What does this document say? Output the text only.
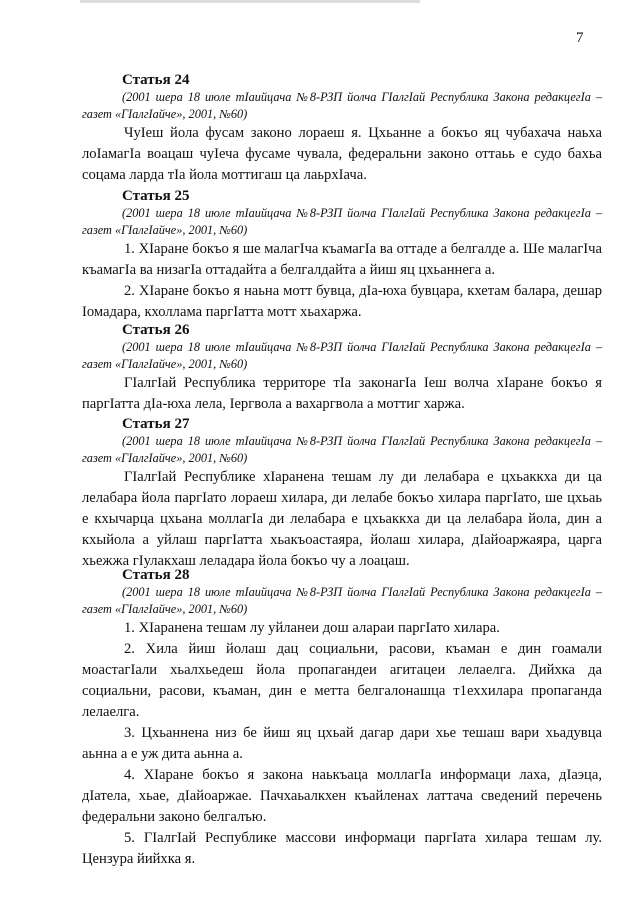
7
Статья 24

(2001 шера 18 июле тIаийцача №8-РЗП йолча ГIалгIай Республика Закона редакцегIа – газет «ГIалгIайче», 2001, №60)

ЧуIеш йола фусам законо лораеш я. Цхьанне а бокъо яц чубахача наьха лоIамагIа воацаш чуIеча фусаме чувала, федеральни законо оттаьь е судо бахьа соцама ларда тIа йола моттигаш ца лаьрхIача.

Статья 25

(2001 шера 18 июле тIаийцача №8-РЗП йолча ГIалгIай Республика Закона редакцегIа – газет «ГIалгIайче», 2001, №60)

1. ХIаране бокъо я ше малагIча къамагIа ва оттаде а белгалде а. Ше малагIча къамагIа ва низагIа оттадайта а белгалдайта а йиш яц цхьаннега а.

2. ХIаране бокъо я наьна мотт бувца, дIа-юха бувцара, кхетам балара, дешар Iомадара, кхоллама паргIатта мотт хьахаржа.

Статья 26

(2001 шера 18 июле тIаийцача №8-РЗП йолча ГIалгIай Республика Закона редакцегIа – газет «ГIалгIайче», 2001, №60)

ГIалгIай Республика территоре тIа законагIа Iеш волча хIаране бокъо я паргIатта дIа-юха лела, Iергвола а вахаргвола а моттиг харжа.

Статья 27

(2001 шера 18 июле тIаийцача №8-РЗП йолча ГIалгIай Республика Закона редакцегIа – газет «ГIалгIайче», 2001, №60)

ГIалгIай Республике хIараненa тешам лу ди лелабара е цхьаккха ди ца лелабара йола паргIато лораеш хилара, ди лелабе бокъо хилара паргIато, ше цхьаь е кхычарца цхьана моллагIа ди лелабара е цхьаккха ди ца лелабара йола, дин а кхыйола а уйлаш паргIатта хьакъоастаяра, йолаш хилара, дIайоаржаяра, царга хьежжа гIулакхаш леладара йола бокъо чу а лоацаш.

Статья 28

(2001 шера 18 июле тIаийцача №8-РЗП йолча ГIалгIай Республика Закона редакцегIа – газет «ГIалгIайче», 2001, №60)

1. ХIараненa тешам лу уйланеи дош алараи паргIато хилара.

2. Хила йиш йолаш дац социальни, расови, къаман е дин гоамали моастагIали хьалхьедеш йола пропагандеи агитацеи лелаелга. Дийхка да социальни, расови, къаман, дин е метта белгалонашца т1еххилара пропаганда лелаелга.

3. Цхьаннена низ бе йиш яц цхьай дагар дари хье тешаш вари хьадувца аьнна а е уж дита аьнна а.

4. ХIаране бокъо я закона наькъаца моллагIа информаци лаха, дIаэца, дIатела, хьае, дIайоаржае. Пачхаьалкхен къайленах латтача сведений перечень федеральни законо белгалъю.

5. ГIалгIай Республике массови информаци паргIата хилара тешам лу. Цензура йийхка я.
